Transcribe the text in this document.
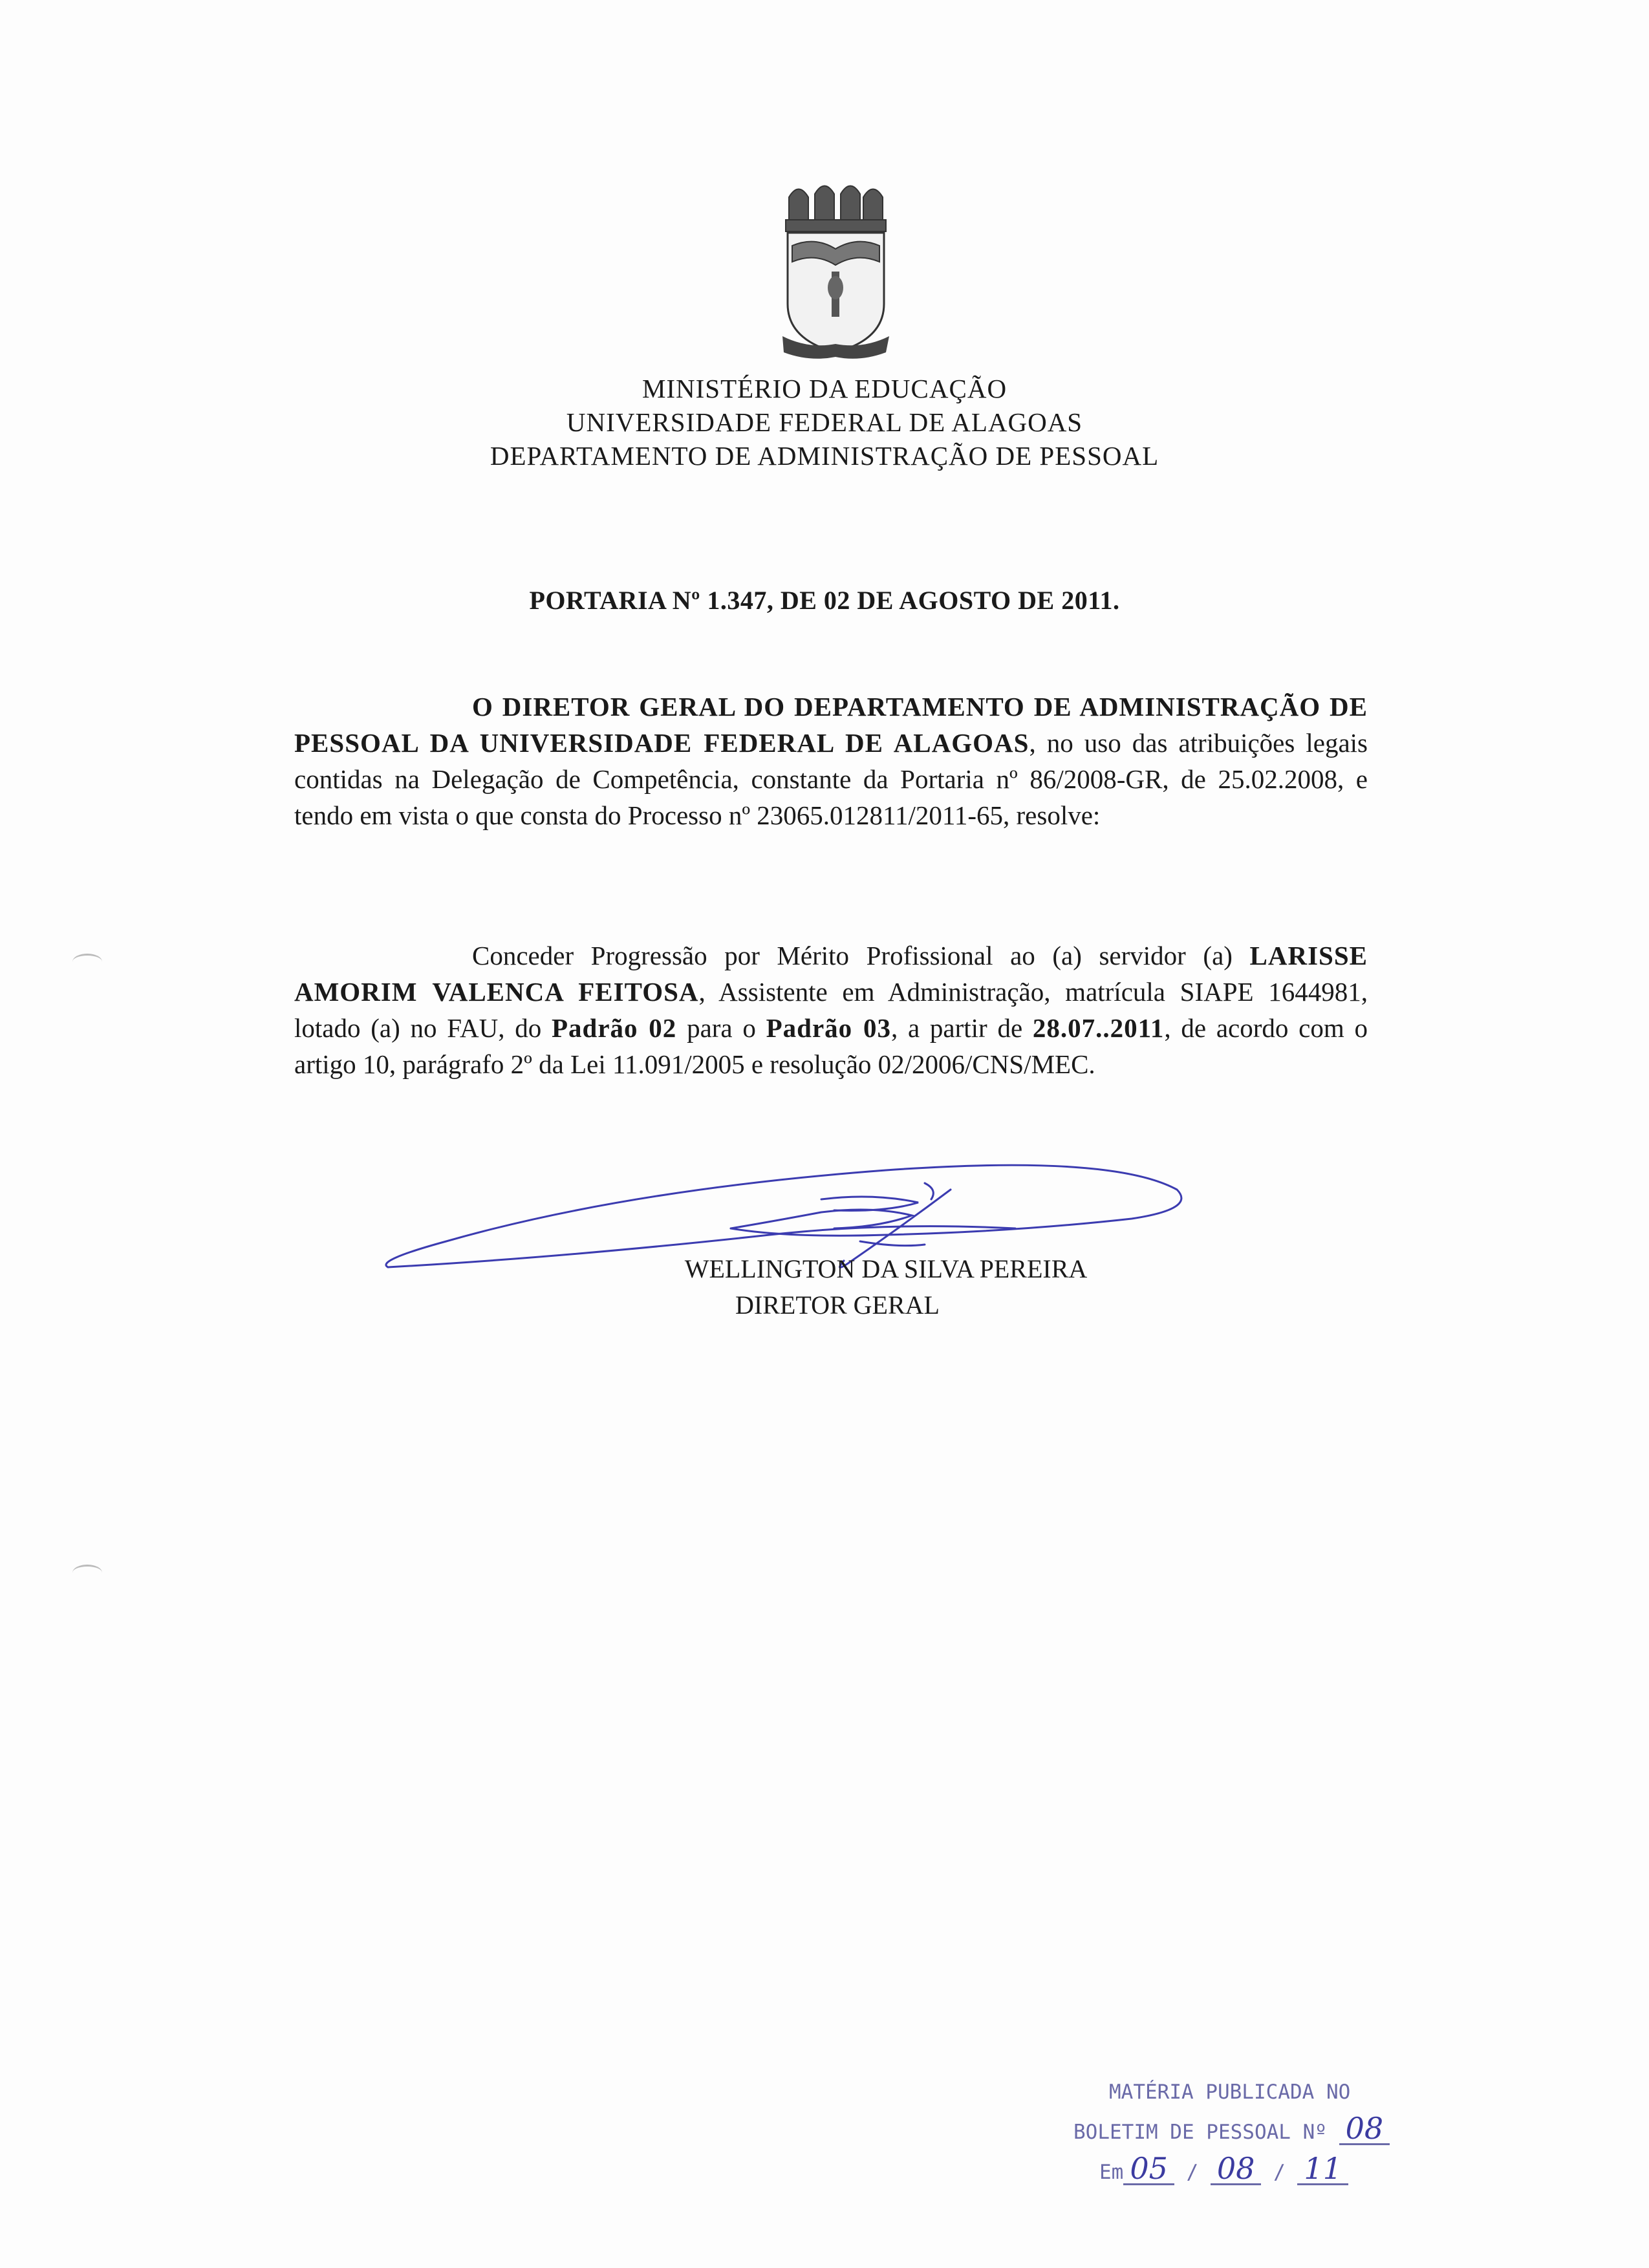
MINISTÉRIO DA EDUCAÇÃO
UNIVERSIDADE FEDERAL DE ALAGOAS
DEPARTAMENTO DE ADMINISTRAÇÃO DE PESSOAL
PORTARIA Nº 1.347, DE 02 DE AGOSTO DE 2011.
O DIRETOR GERAL DO DEPARTAMENTO DE ADMINISTRAÇÃO DE PESSOAL DA UNIVERSIDADE FEDERAL DE ALAGOAS, no uso das atribuições legais contidas na Delegação de Competência, constante da Portaria nº 86/2008-GR, de 25.02.2008, e tendo em vista o que consta do Processo nº 23065.012811/2011-65, resolve:
Conceder Progressão por Mérito Profissional ao (a) servidor (a) LARISSE AMORIM VALENCA FEITOSA, Assistente em Administração, matrícula SIAPE 1644981, lotado (a) no FAU, do Padrão 02 para o Padrão 03, a partir de 28.07..2011, de acordo com o artigo 10, parágrafo 2º da Lei 11.091/2005 e resolução 02/2006/CNS/MEC.
WELLINGTON DA SILVA PEREIRA
DIRETOR GERAL
MATÉRIA PUBLICADA NO
BOLETIM DE PESSOAL Nº 08
Em 05 / 08 / 11
